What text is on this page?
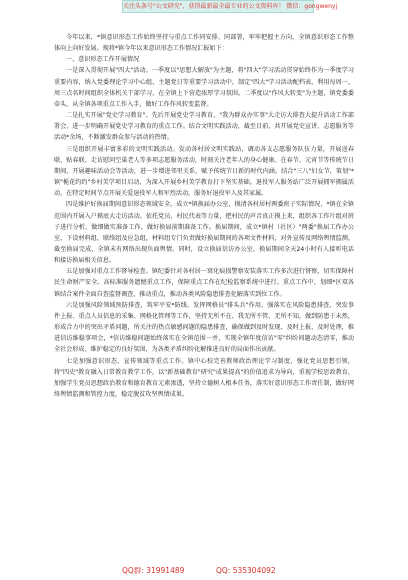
关注头条号"公文研究"，获得最新最全最专业的公文资料库！ 微信：gongwenyj

今年以来，*镇意识形态工作始终坚持与重点工作同安排、同部署，牢牢把握主方向，全镇意识形态工作整体向上向好发展。现将*镇今年以来意识形态工作情况汇报如下：

一、意识形态工作开展情况

一是深入贯彻开展"四大"活动。一季度以"思想大解放"为主题，将"四大"学习活动贯穿始终作为一季度学习重要内容，纳入党委理论学习中心组、主题党日等重要学习活动中，制定"四大"学习活动配档表，利用每周一、周三点名时间组织全体机关干部学习，在全镇上下营造浓厚学习氛围。二季度以"作风大转变"为主题，镇党委委牵头，从全镇各项重点工作入手，做好工作作风转变监督。

二是扎实开展"党史学习教育"。先后开展党史学习教育、"我为群众办实事"大走访大排查大提升活动工作部署会，进一步明确开展党史学习教育的重点工作。结合文明实践活动，截至目前，共开展党史宣讲、志愿服务等活动*余场，不断激发群众参与活动的热情。

三是组织开展丰富多彩的文明实践活动。发动各村居文明实践站，调动各支志愿服务队伍力量，开展送春联、贴春联、走访慰问空巢老人等多项志愿服务活动，时刻关注老年人的身心健康。在春节、元宵节等传统节日期间，开展趣味活动会等活动，进一步增进邻里关系，赋予传统节日新的时代内涵。结合"三八"妇女节，策划"*镇"栀花约约"乡村美学项目启动，为深入开展乡村美学教育打下坚实基础。退役军人服务站广泛开展拥军拥属活动，在特定时间节点开展关爱退役军人和军烈活动，服务好退役军人及其家属。

四是维护好换届期间意识形态领域安全。成立*镇换届办公室，摸清各村居村两委班子实际情况，*镇在全镇范围内开展入户摸底大走访活动。依托党员、村民代表等力量，把村民的声音真正摸上来，组织各工作片组对班子进行分析，做细做实准备工作，做好换届前期准备工作。换届期间，成立*镇村（社区）"两委"换届工作办公室，下设材料组、联络组及应急组，材料组专门负责做好换届期间的各项文件材料，对外宣传及网络舆情监测，截至换届完成，全镇未有网络出现负面舆情。同时，设立换届信访办公室，换届期间全天24小时有人接听电话和接访换届相关信息。

五是加强对重点工作督导检查。镇纪委针对各村居一窝化痕损警察安装落实工作多次进行督察，切实保障村民生命财产安全。高标准服务遗憾重点工作，保障重点工作在纪检监察系统中进行。重点工作中，划细*区双各镇结合案件全面自查监督调查，推动重点，推动各类风险隐患排查化解落实到位工作。

六是加强风险领域预防排查，筑牢平安*防线。发挥网格员"排头兵"作用，强落实在风险隐患排查、突发事件上报、重点人员信息的采集、网格化管理等工作，坚持无所不在、我无所不管、无所不知，做到防患于未然，形成合力中的突出矛盾问题，所关注的热点敏感问题的隐患排查，确保做到及时发现、及时上报、及时处理，推进信访维稳事项会，*信访维稳问题始终落实在全镇范围一并，实现全镇年度信访"零"纠纷问题动态清零，推动全社会形成、维护稳定的良好氛围，为各类矛盾纠纷化解推进良好的局面作出贡献。

七是加强意识形态、宣传领域等重点工作。镇中心校完善教师政治理论学习制度，强化党员思想引领，将"四史"教育融入日常教育教学工作，以"新基础教育"研究"成果提高"的价值追求为导向，重视学校思政教育，加强学生党员思想政治教育和德育教育元素渗透，坚持立德树人根本任务，落实好意识形态工作责任制，做好网络舆情监测和管控力度，稳定脱贫攻坚舆情成果。

QQ群: 31991489	QQ: 535304092
